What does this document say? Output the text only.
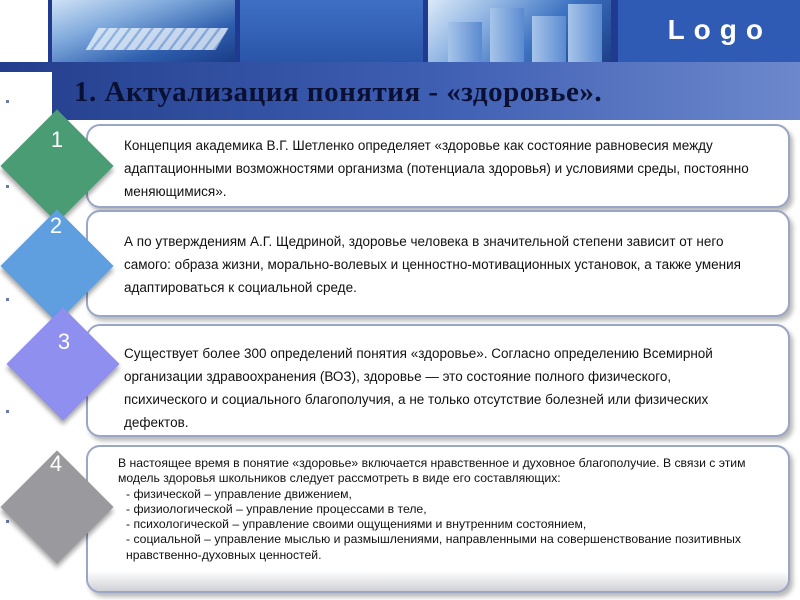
Logo
1. Актуализация понятия - «здоровье».
Концепция академика В.Г. Шетленко определяет «здоровье как состояние равновесия между адаптационными возможностями организма (потенциала здоровья) и условиями среды, постоянно меняющимися».
А по утверждениям А.Г. Щедриной, здоровье человека в значительной степени зависит от него самого: образа жизни, морально-волевых и ценностно-мотивационных установок, а также умения адаптироваться к социальной среде.
Существует более 300 определений понятия «здоровье». Согласно определению Всемирной организации здравоохранения (ВОЗ), здоровье — это состояние полного физического, психического и социального благополучия, а не только отсутствие болезней или физических дефектов.
В настоящее время в понятие «здоровье» включается нравственное и духовное благополучие. В связи с этим модель здоровья школьников следует рассмотреть в виде его составляющих:
- физической – управление движением,
- физиологической – управление процессами в теле,
- психологической – управление своими ощущениями и внутренним состоянием,
- социальной – управление мыслью и размышлениями, направленными на совершенствование позитивных нравственно-духовных ценностей.
1
2
3
4
